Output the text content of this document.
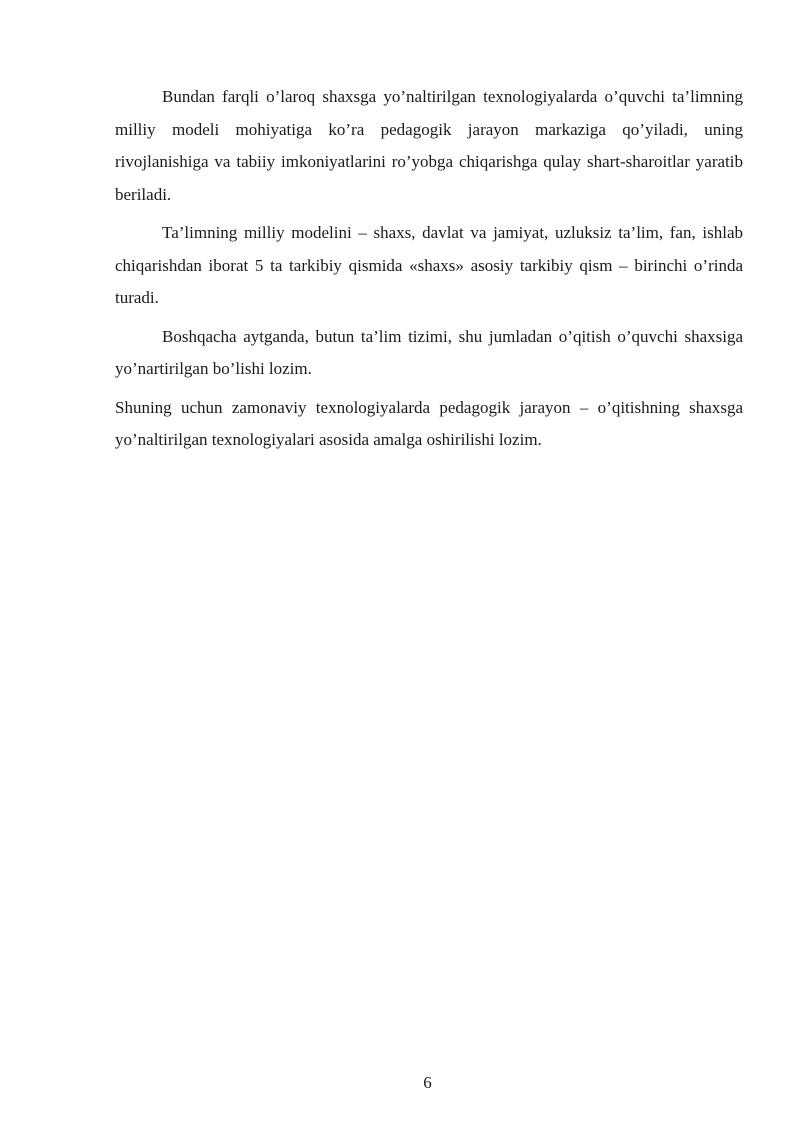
Bundan farqli o’laroq shaxsga yo’naltirilgan texnologiyalarda o’quvchi ta’limning milliy modeli mohiyatiga ko’ra pedagogik jarayon markaziga qo’yiladi, uning rivojlanishiga va tabiiy imkoniyatlarini ro’yobga chiqarishga qulay shart-sharoitlar yaratib beriladi.

Ta’limning milliy modelini – shaxs, davlat va jamiyat, uzluksiz ta’lim, fan, ishlab chiqarishdan iborat 5 ta tarkibiy qismida «shaxs» asosiy tarkibiy qism – birinchi o’rinda turadi.

Boshqacha aytganda, butun ta’lim tizimi, shu jumladan o’qitish o’quvchi shaxsiga yo’nartirilgan bo’lishi lozim.

Shuning uchun zamonaviy texnologiyalarda pedagogik jarayon – o’qitishning shaxsga yo’naltirilgan texnologiyalari asosida amalga oshirilishi lozim.

6
